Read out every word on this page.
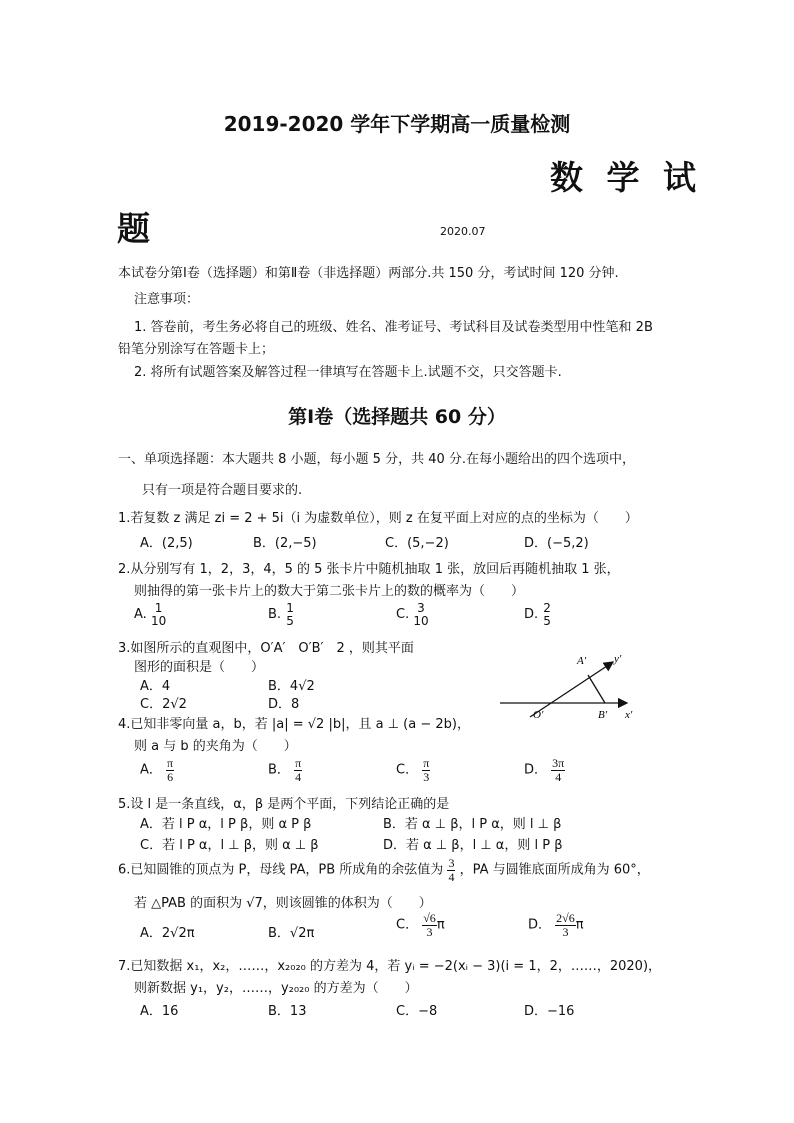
2019-2020 学年下学期高一质量检测
数 学 试
题	2020.07
本试卷分第Ⅰ卷（选择题）和第Ⅱ卷（非选择题）两部分.共 150 分，考试时间 120 分钟.
注意事项：
1. 答卷前，考生务必将自己的班级、姓名、准考证号、考试科目及试卷类型用中性笔和 2B
铅笔分别涂写在答题卡上；
2. 将所有试题答案及解答过程一律填写在答题卡上.试题不交，只交答题卡.
第Ⅰ卷（选择题共 60 分）
一、单项选择题：本大题共 8 小题，每小题 5 分，共 40 分.在每小题给出的四个选项中，
只有一项是符合题目要求的.
1.若复数 z 满足 zi = 2 + 5i（i 为虚数单位），则 z 在复平面上对应的点的坐标为（　　）
A．(2,5)	B．(2,−5)	C．(5,−2)	D．(−5,2)
2.从分别写有 1，2，3，4，5 的 5 张卡片中随机抽取 1 张，放回后再随机抽取 1 张，
则抽得的第一张卡片上的数大于第二张卡片上的数的概率为（　　）
A. 1
10	B. 1
5	C. 3
10	D. 2
5
3.如图所示的直观图中，O′A′　O′B′　2 ，则其平面
图形的面积是（　　）
A．4	B．4√2
C．2√2	D．8
A′	y′
O′	B′ x′
4.已知非零向量 a，b，若 |a| = √2 |b|，且 a ⊥ (a − 2b)，
则 a 与 b 的夹角为（　　）
A． $\frac{\pi}{6}$	B． $\frac{\pi}{4}$	C． $\frac{\pi}{3}$	D． $\frac{3\pi}{4}$
5.设 l 是一条直线，α，β 是两个平面，下列结论正确的是
A．若 l P α，l P β，则 α P β	B．若 α ⊥ β，l P α，则 l ⊥ β
C．若 l P α，l ⊥ β，则 α ⊥ β	D．若 α ⊥ β，l ⊥ α，则 l P β
6.已知圆锥的顶点为 P，母线 PA，PB 所成角的余弦值为 $\frac{3}{4}$ ，PA 与圆锥底面所成角为 60°，
若 △PAB 的面积为 √7，则该圆锥的体积为（　　）
A．2√2π	B．√2π
C． $\frac{√6}{3}$ π	D． $\frac{2√6}{3}$ π
7.已知数据 x₁，x₂，……，x₂₀₂₀ 的方差为 4，若 yᵢ = −2(xᵢ − 3)(i = 1，2，……，2020)，
则新数据 y₁，y₂，……，y₂₀₂₀ 的方差为（　　）
A．16	B．13	C．−8	D．−16
